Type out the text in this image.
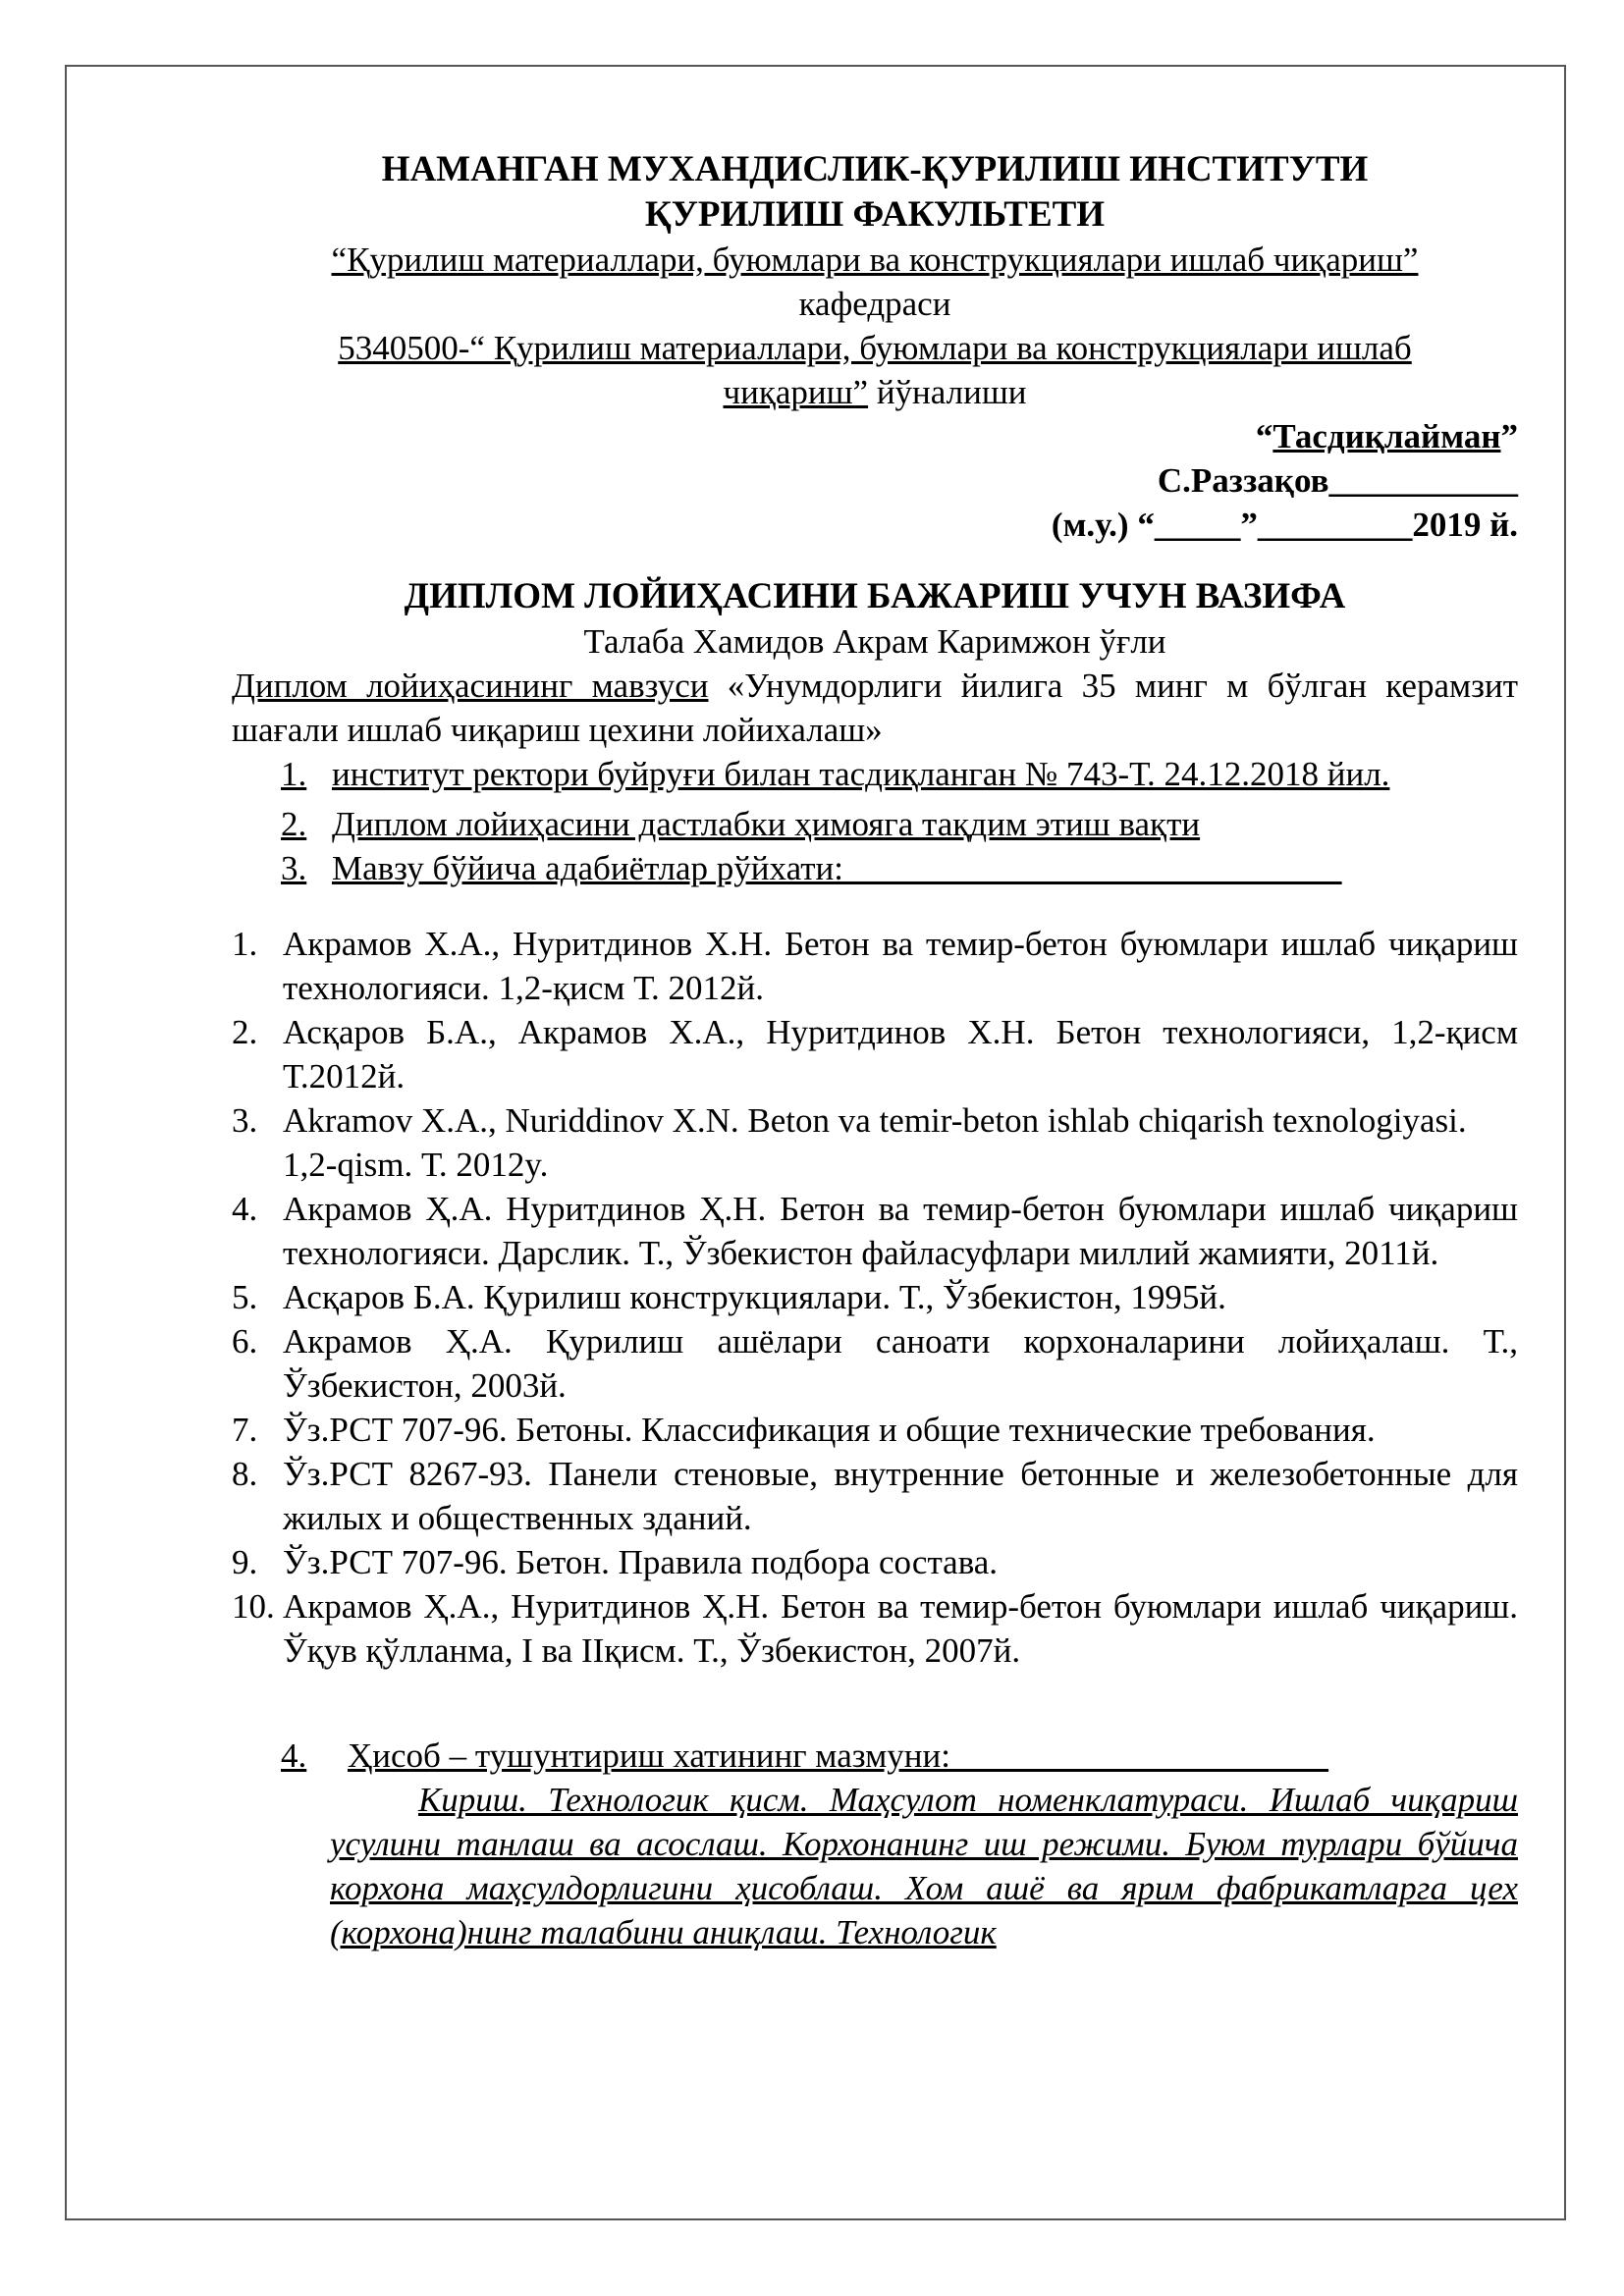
НАМАНГАН МУХАНДИСЛИК-ҚУРИЛИШ ИНСТИТУТИ
ҚУРИЛИШ ФАКУЛЬТЕТИ
“Қурилиш материаллари, буюмлари ва конструкциялари ишлаб чиқариш”
кафедраси
5340500-“ Қурилиш материаллари, буюмлари ва конструкциялари ишлаб
чиқариш” йўналиши
“Тасдиқлайман”
С.Раззақов___________
(м.у.) “_____”_________2019 й.
ДИПЛОМ ЛОЙИҲАСИНИ БАЖАРИШ УЧУН ВАЗИФА
Талаба Хамидов Акрам Каримжон ўғли
Диплом лойиҳасининг мавзуси «Унумдорлиги йилига 35 минг м бўлган керамзит шағали ишлаб чиқариш цехини лойихалаш»
1. институт ректори буйруғи билан тасдиқланган № 743-Т. 24.12.2018 йил.
2. Диплом лойиҳасини дастлабки ҳимояга тақдим этиш вақти
3. Мавзу бўйича адабиётлар рўйхати:_____________________________
1. Акрамов Х.А., Нуритдинов Х.Н. Бетон ва темир-бетон буюмлари ишлаб чиқариш технологияси. 1,2-қисм Т. 2012й.
2. Асқаров Б.А., Акрамов Х.А., Нуритдинов Х.Н. Бетон технологияси, 1,2-қисм Т.2012й.
3. Akramov X.A., Nuriddinov X.N. Beton va temir-beton ishlab chiqarish texnologiyasi. 1,2-qism. Т. 2012y.
4. Акрамов Ҳ.А. Нуритдинов Ҳ.Н. Бетон ва темир-бетон буюмлари ишлаб чиқариш технологияси. Дарслик. Т., Ўзбекистон файласуфлари миллий жамияти, 2011й.
5. Асқаров Б.А. Қурилиш конструкциялари. Т., Ўзбекистон, 1995й.
6. Акрамов Ҳ.А. Қурилиш ашёлари саноати корхоналарини лойиҳалаш. Т., Ўзбекистон, 2003й.
7. Ўз.РСТ 707-96. Бетоны. Классификация и общие технические требования.
8. Ўз.РСТ 8267-93. Панели стеновые, внутренние бетонные и железобетонные для жилых и общественных зданий.
9. Ўз.РСТ 707-96. Бетон. Правила подбора состава.
10. Акрамов Ҳ.А., Нуритдинов Ҳ.Н. Бетон ва темир-бетон буюмлари ишлаб чиқариш. Ўқув қўлланма, I ва IIқисм. Т., Ўзбекистон, 2007й.
4.	Ҳисоб – тушунтириш хатининг мазмуни:______________________
Кириш. Технологик қисм. Маҳсулот номенклатураси. Ишлаб чиқариш усулини танлаш ва асослаш. Корхонанинг иш режими. Буюм турлари бўйича корхона маҳсулдорлигини ҳисоблаш. Хом ашё ва ярим фабрикатларга цех (корхона)нинг талабини аниқлаш. Технологик
